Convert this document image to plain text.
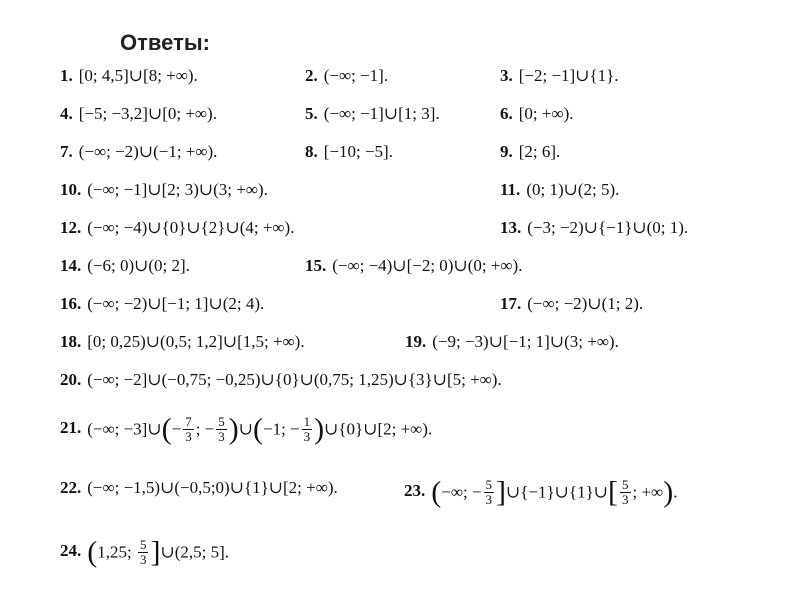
Ответы:
1. [0; 4,5]∪[8; +∞).	2. (−∞; −1].	3. [−2; −1]∪{1}.
4. [−5; −3,2]∪[0; +∞).	5. (−∞; −1]∪[1; 3].	6. [0; +∞).
7. (−∞; −2)∪(−1; +∞).	8. [−10; −5].	9. [2; 6].
10. (−∞; −1]∪[2; 3)∪(3; +∞).	11. (0; 1)∪(2; 5).
12. (−∞; −4)∪{0}∪{2}∪(4; +∞).	13. (−3; −2)∪{−1}∪(0; 1).
14. (−6; 0)∪(0; 2].	15. (−∞; −4)∪[−2; 0)∪(0; +∞).
16. (−∞; −2)∪[−1; 1]∪(2; 4).	17. (−∞; −2)∪(1; 2).
18. [0; 0,25)∪(0,5; 1,2]∪[1,5; +∞).	19. (−9; −3)∪[−1; 1]∪(3; +∞).
20. (−∞; −2]∪(−0,75; −0,25)∪{0}∪(0,75; 1,25)∪{3}∪[5; +∞).
21. (−∞; −3]∪(− $\frac{7}{3}$ ; − $\frac{5}{3}$ )∪(−1; − $\frac{1}{3}$ )∪{0}∪[2; +∞).
22. (−∞; −1,5)∪(−0,5;0)∪{1}∪[2; +∞).	23. (−∞; − $\frac{5}{3}$ ]∪{−1}∪{1}∪[ $\frac{5}{3}$ ; +∞).
24. (1,25; $\frac{5}{3}$ ]∪(2,5; 5].
